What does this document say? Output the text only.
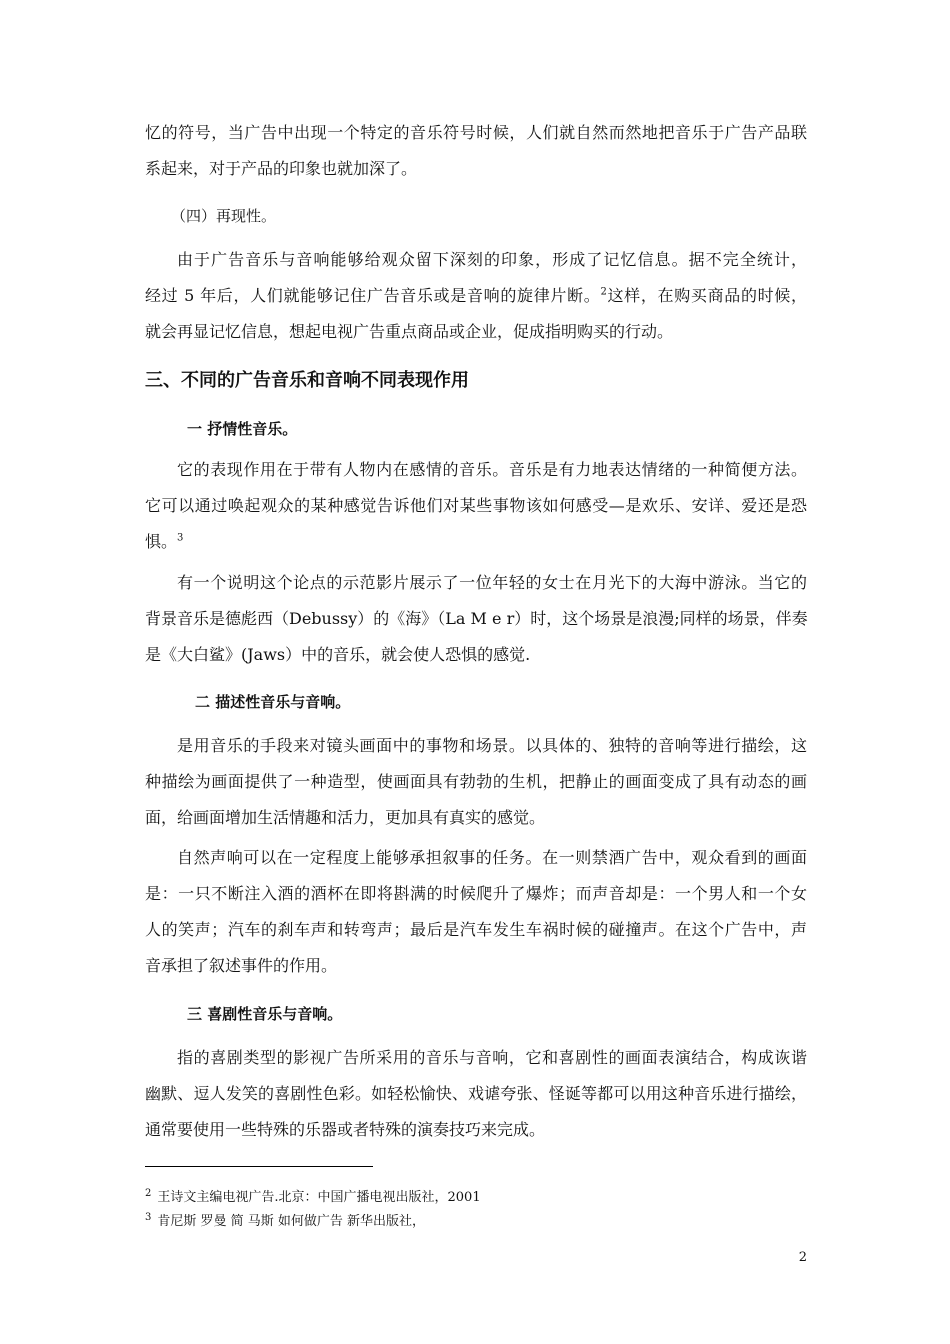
忆的符号，当广告中出现一个特定的音乐符号时候，人们就自然而然地把音乐于广告产品联
系起来，对于产品的印象也就加深了。
（四）再现性。
由于广告音乐与音响能够给观众留下深刻的印象，形成了记忆信息。据不完全统计，
经过 5 年后，人们就能够记住广告音乐或是音响的旋律片断。$^2$这样，在购买商品的时候，
就会再显记忆信息，想起电视广告重点商品或企业，促成指明购买的行动。
三、不同的广告音乐和音响不同表现作用
一 抒情性音乐。
它的表现作用在于带有人物内在感情的音乐。音乐是有力地表达情绪的一种简便方法。
它可以通过唤起观众的某种感觉告诉他们对某些事物该如何感受—是欢乐、安详、爱还是恐
惧。$^3$
有一个说明这个论点的示范影片展示了一位年轻的女士在月光下的大海中游泳。当它的
背景音乐是德彪西（Debussy）的《海》（La M e r）时，这个场景是浪漫;同样的场景，伴奏
是《大白鲨》(Jaws）中的音乐，就会使人恐惧的感觉.
二 描述性音乐与音响。
是用音乐的手段来对镜头画面中的事物和场景。以具体的、独特的音响等进行描绘，这
种描绘为画面提供了一种造型，使画面具有勃勃的生机，把静止的画面变成了具有动态的画
面，给画面增加生活情趣和活力，更加具有真实的感觉。
自然声响可以在一定程度上能够承担叙事的任务。在一则禁酒广告中，观众看到的画面
是：一只不断注入酒的酒杯在即将斟满的时候爬升了爆炸；而声音却是：一个男人和一个女
人的笑声；汽车的刹车声和转弯声；最后是汽车发生车祸时候的碰撞声。在这个广告中，声
音承担了叙述事件的作用。
三 喜剧性音乐与音响。
指的喜剧类型的影视广告所采用的音乐与音响，它和喜剧性的画面表演结合，构成诙谐
幽默、逗人发笑的喜剧性色彩。如轻松愉快、戏谑夸张、怪诞等都可以用这种音乐进行描绘，
通常要使用一些特殊的乐器或者特殊的演奏技巧来完成。
$^2$ 王诗文主编电视广告.北京：中国广播电视出版社，2001
$^3$ 肯尼斯 罗曼 简 马斯 如何做广告 新华出版社，
2
